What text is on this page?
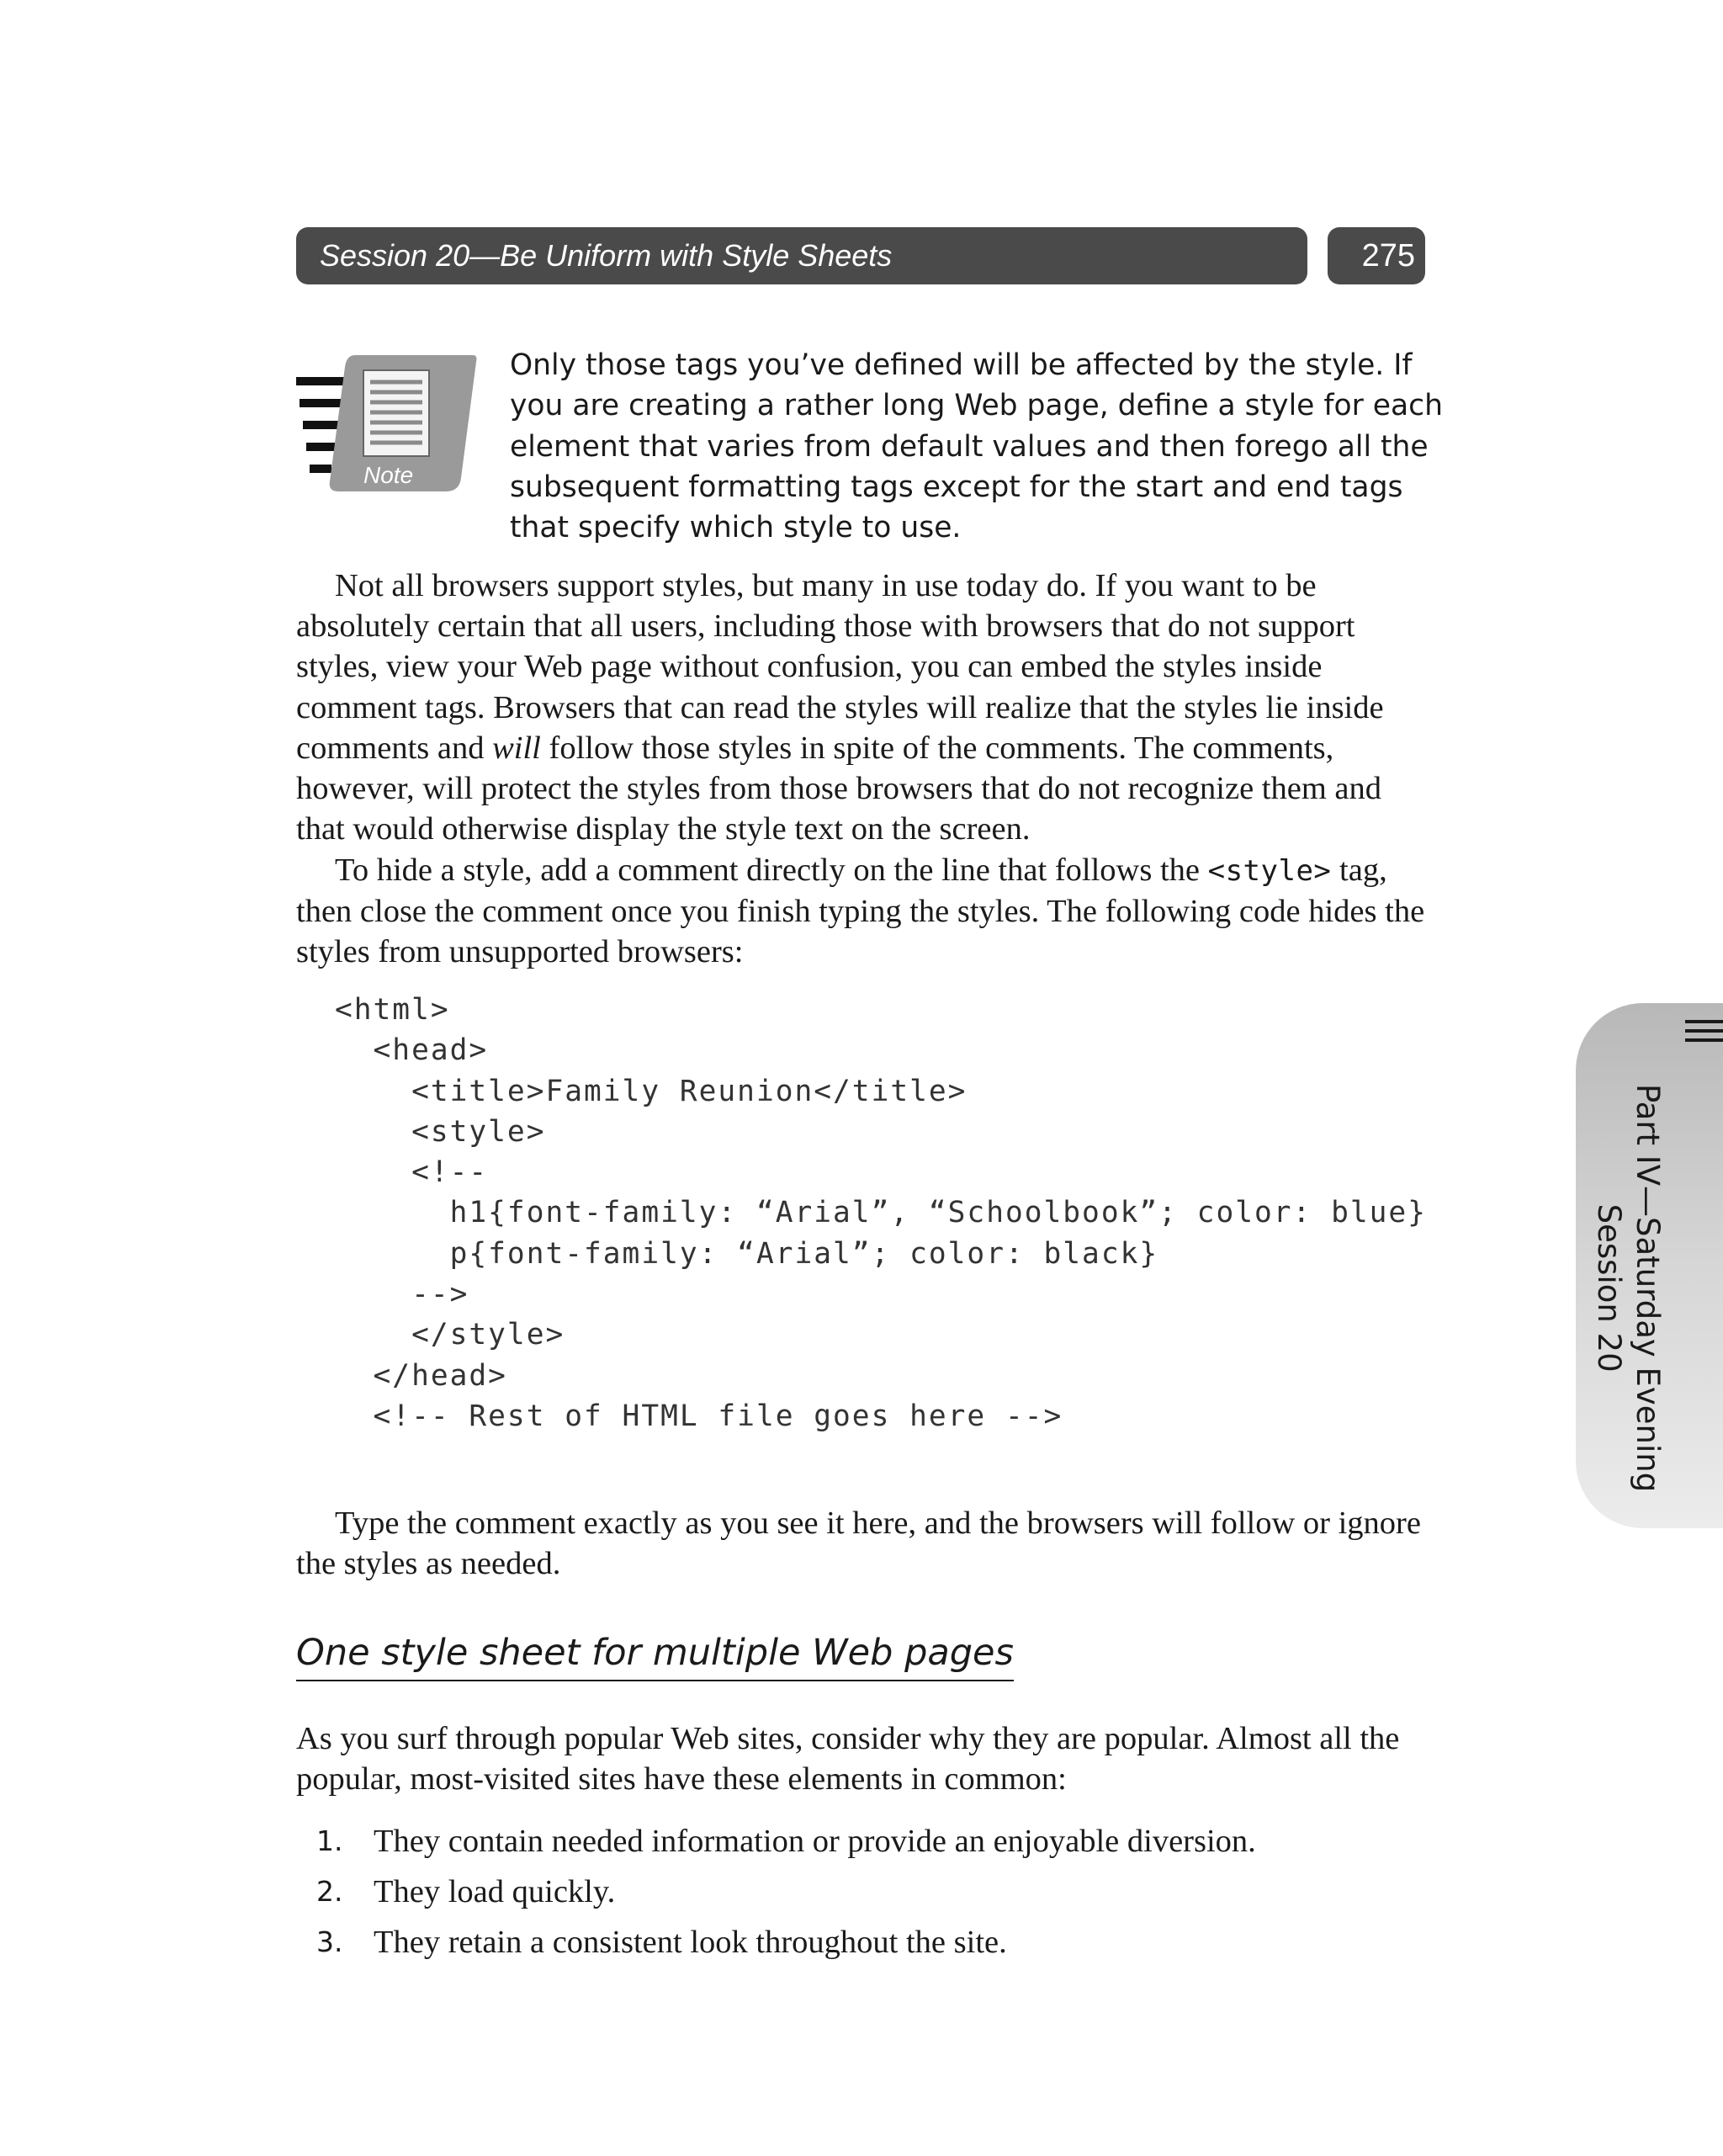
Session 20—Be Uniform with Style Sheets	275
Note
Only those tags you’ve defined will be affected by the style. If you are creating a rather long Web page, define a style for each element that varies from default values and then forego all the subsequent formatting tags except for the start and end tags that specify which style to use.

Not all browsers support styles, but many in use today do. If you want to be absolutely certain that all users, including those with browsers that do not support styles, view your Web page without confusion, you can embed the styles inside comment tags. Browsers that can read the styles will realize that the styles lie inside comments and will follow those styles in spite of the comments. The comments, however, will protect the styles from those browsers that do not recognize them and that would otherwise display the style text on the screen.

To hide a style, add a comment directly on the line that follows the <style> tag, then close the comment once you finish typing the styles. The following code hides the styles from unsupported browsers:

<html>
<head>
<title>Family Reunion</title>
<style>
<!--
h1{font-family: “Arial”, “Schoolbook”; color: blue}
p{font-family: “Arial”; color: black}
-->
</style>
</head>
<!-- Rest of HTML file goes here -->

Type the comment exactly as you see it here, and the browsers will follow or ignore the styles as needed.

One style sheet for multiple Web pages

As you surf through popular Web sites, consider why they are popular. Almost all the popular, most-visited sites have these elements in common:

1. They contain needed information or provide an enjoyable diversion.
2. They load quickly.
3. They retain a consistent look throughout the site.
Part IV—Saturday Evening
Session 20
